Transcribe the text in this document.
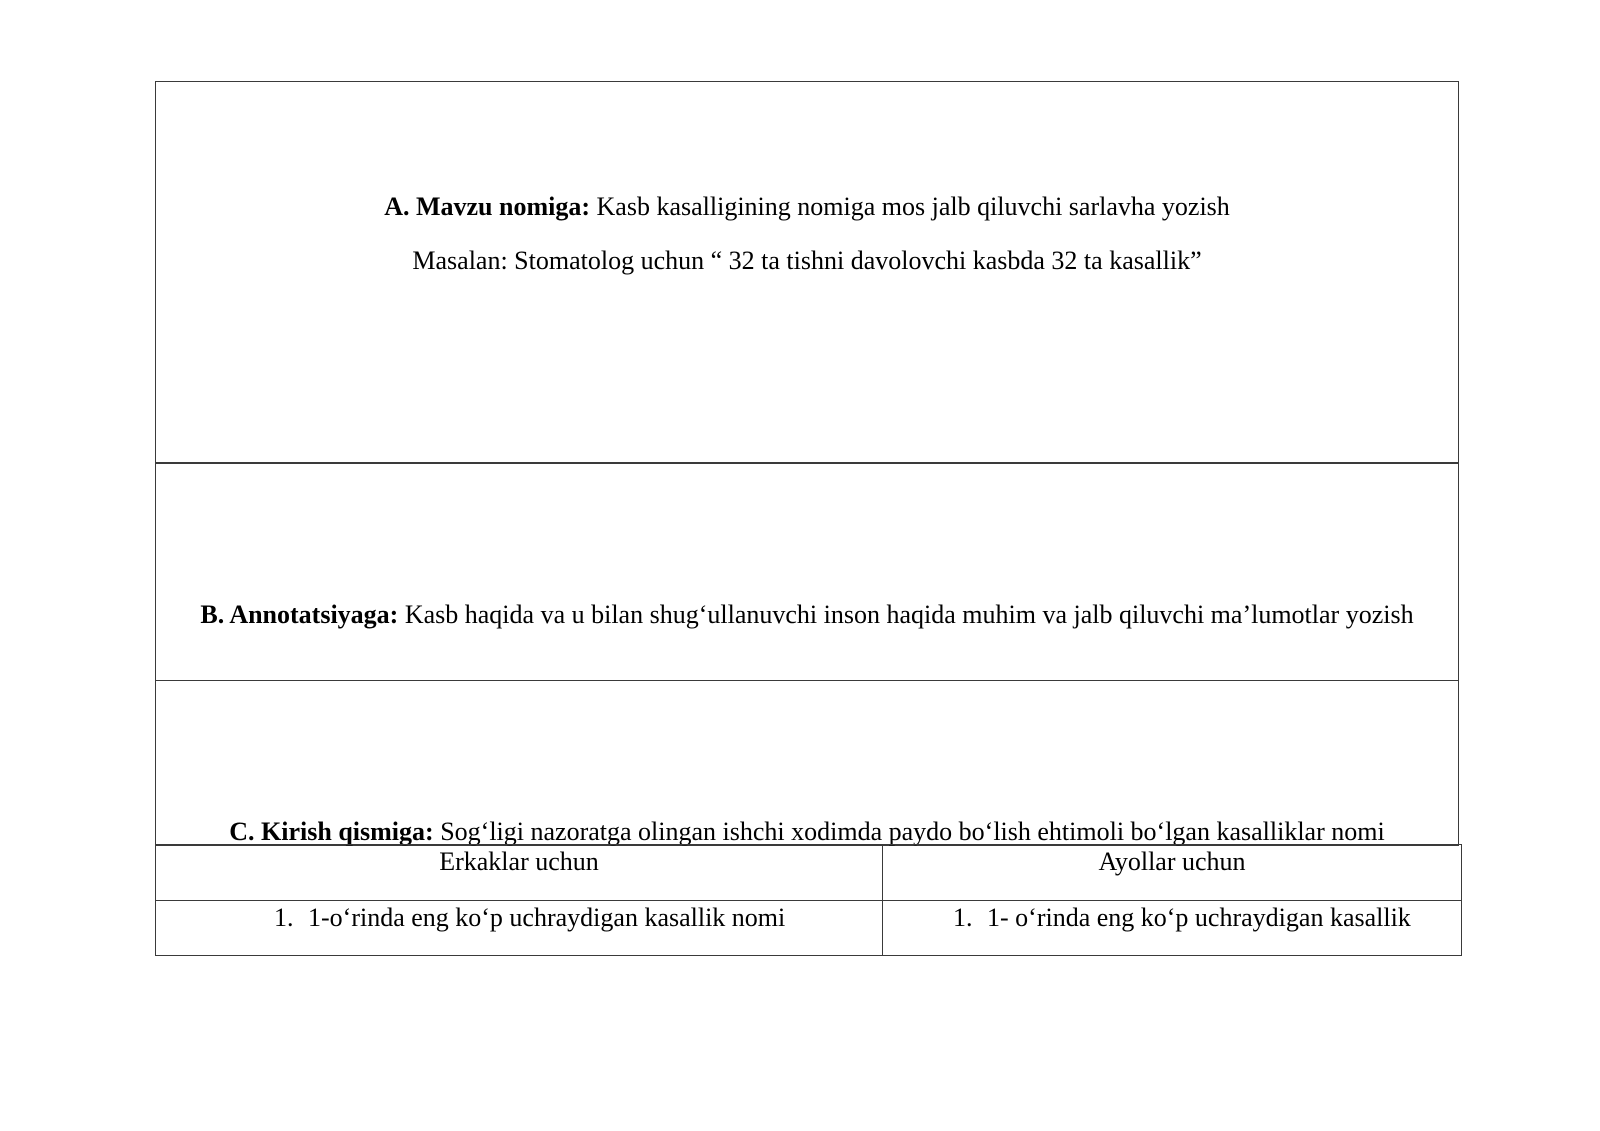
A. Mavzu nomiga: Kasb kasalligining nomiga mos jalb qiluvchi sarlavha yozish
Masalan: Stomatolog uchun “ 32 ta tishni davolovchi kasbda 32 ta kasallik”
B. Annotatsiyaga: Kasb haqida va u bilan shug‘ullanuvchi inson haqida muhim va jalb qiluvchi ma’lumotlar yozish
C. Kirish qismiga: Sog‘ligi nazoratga olingan ishchi xodimda paydo bo‘lish ehtimoli bo‘lgan kasalliklar nomi
Erkaklar uchun	Ayollar uchun
1. 1-o‘rinda eng ko‘p uchraydigan kasallik nomi	1. 1- o‘rinda eng ko‘p uchraydigan kasallik
